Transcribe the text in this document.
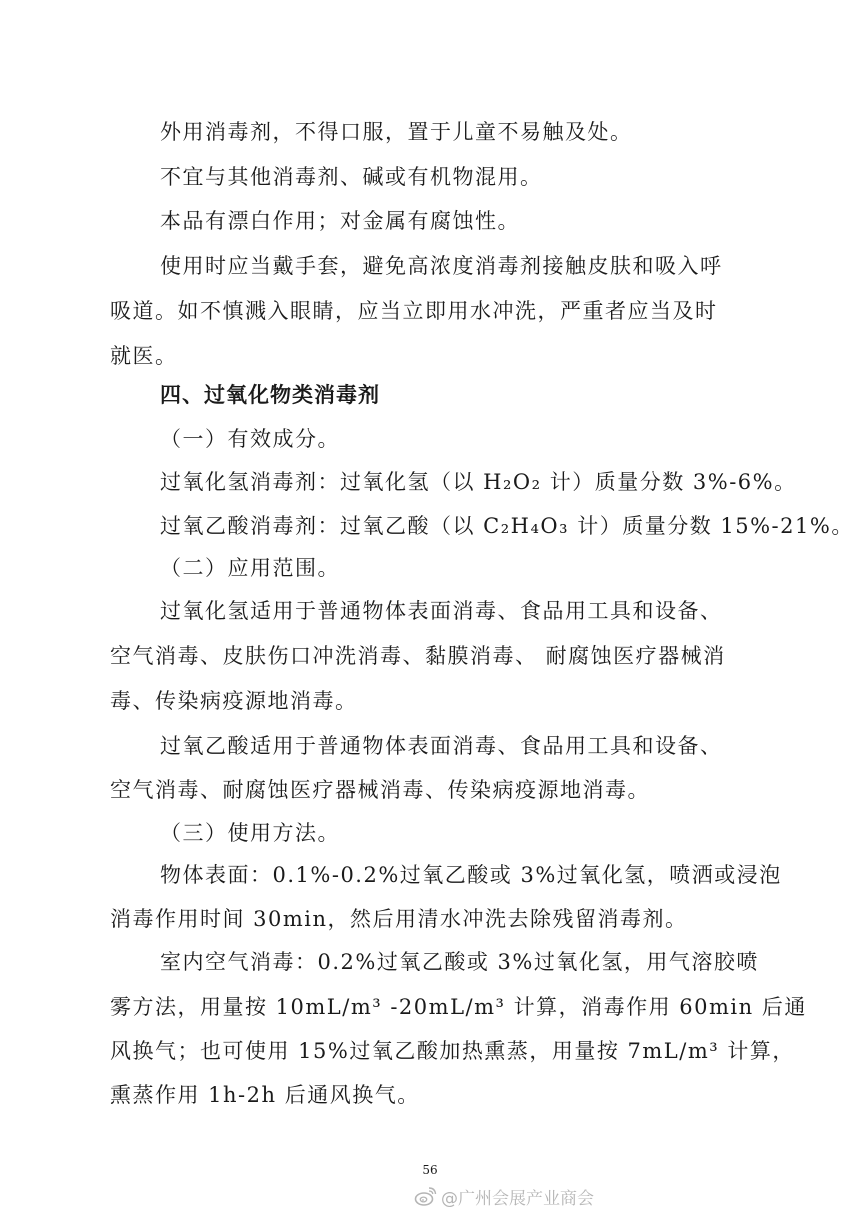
外用消毒剂，不得口服，置于儿童不易触及处。
不宜与其他消毒剂、碱或有机物混用。
本品有漂白作用；对金属有腐蚀性。
使用时应当戴手套，避免高浓度消毒剂接触皮肤和吸入呼
吸道。如不慎溅入眼睛，应当立即用水冲洗，严重者应当及时
就医。
四、过氧化物类消毒剂
（一）有效成分。
过氧化氢消毒剂：过氧化氢（以 H₂O₂ 计）质量分数 3%-6%。
过氧乙酸消毒剂：过氧乙酸（以 C₂H₄O₃ 计）质量分数 15%-21%。
（二）应用范围。
过氧化氢适用于普通物体表面消毒、食品用工具和设备、
空气消毒、皮肤伤口冲洗消毒、黏膜消毒、 耐腐蚀医疗器械消
毒、传染病疫源地消毒。
过氧乙酸适用于普通物体表面消毒、食品用工具和设备、
空气消毒、耐腐蚀医疗器械消毒、传染病疫源地消毒。
（三）使用方法。
物体表面：0.1%-0.2%过氧乙酸或 3%过氧化氢，喷洒或浸泡
消毒作用时间 30min，然后用清水冲洗去除残留消毒剂。
室内空气消毒：0.2%过氧乙酸或 3%过氧化氢，用气溶胶喷
雾方法，用量按 10mL/m³ -20mL/m³ 计算，消毒作用 60min 后通
风换气；也可使用 15%过氧乙酸加热熏蒸，用量按 7mL/m³ 计算，
熏蒸作用 1h-2h 后通风换气。
56
@广州会展产业商会
